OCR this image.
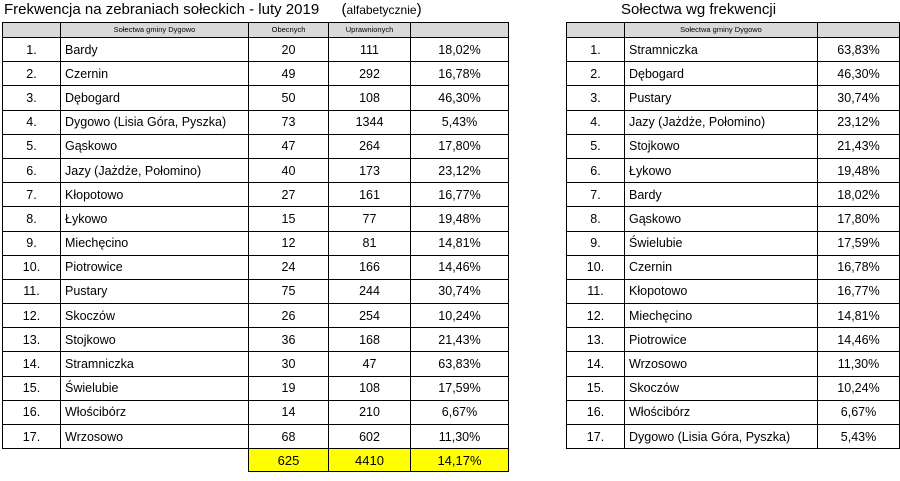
Frekwencja na zebraniach sołeckich - luty 2019 (alfabetycznie)	Sołectwa wg frekwencji
	Sołectwa gminy Dygowo	Obecnych	Uprawnionych	
1.	Bardy	20	111	18,02%
2.	Czernin	49	292	16,78%
3.	Dębogard	50	108	46,30%
4.	Dygowo (Lisia Góra, Pyszka)	73	1344	5,43%
5.	Gąskowo	47	264	17,80%
6.	Jazy (Jażdże, Połomino)	40	173	23,12%
7.	Kłopotowo	27	161	16,77%
8.	Łykowo	15	77	19,48%
9.	Miechęcino	12	81	14,81%
10.	Piotrowice	24	166	14,46%
11.	Pustary	75	244	30,74%
12.	Skoczów	26	254	10,24%
13.	Stojkowo	36	168	21,43%
14.	Stramniczka	30	47	63,83%
15.	Świelubie	19	108	17,59%
16.	Włościbórz	14	210	6,67%
17.	Wrzosowo	68	602	11,30%
		625	4410	14,17%
	Sołectwa gminy Dygowo	
1.	Stramniczka	63,83%
2.	Dębogard	46,30%
3.	Pustary	30,74%
4.	Jazy (Jażdże, Połomino)	23,12%
5.	Stojkowo	21,43%
6.	Łykowo	19,48%
7.	Bardy	18,02%
8.	Gąskowo	17,80%
9.	Świelubie	17,59%
10.	Czernin	16,78%
11.	Kłopotowo	16,77%
12.	Miechęcino	14,81%
13.	Piotrowice	14,46%
14.	Wrzosowo	11,30%
15.	Skoczów	10,24%
16.	Włościbórz	6,67%
17.	Dygowo (Lisia Góra, Pyszka)	5,43%
